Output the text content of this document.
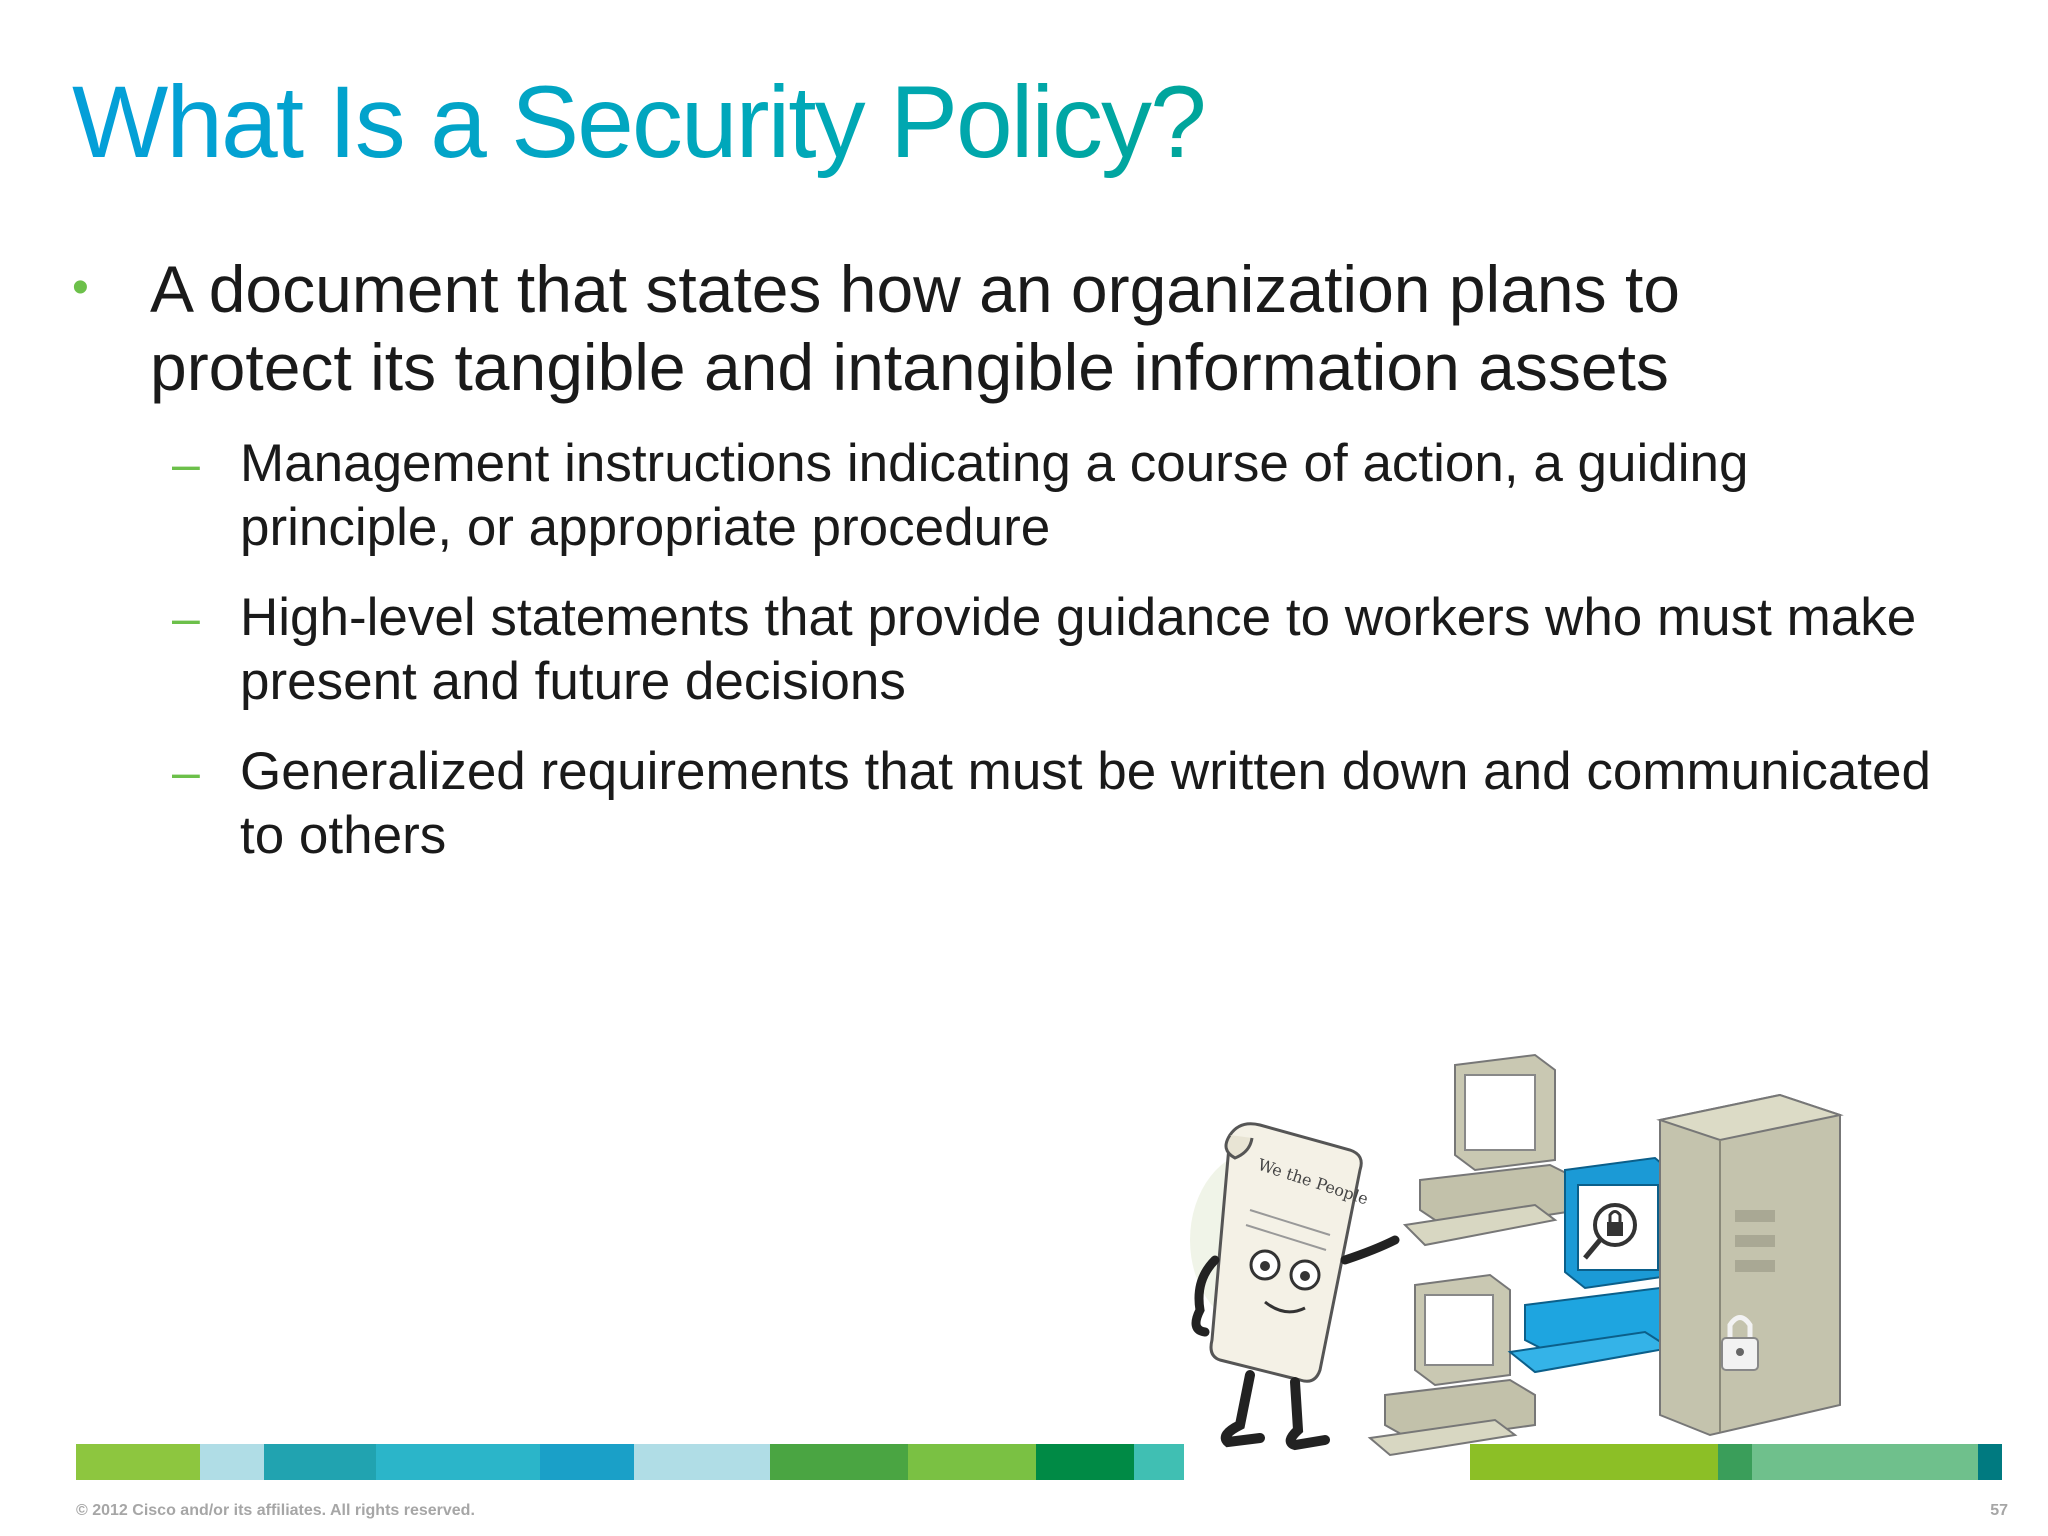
What Is a Security Policy?
• A document that states how an organization plans to protect its tangible and intangible information assets
– Management instructions indicating a course of action, a guiding principle, or appropriate procedure
– High-level statements that provide guidance to workers who must make present and future decisions
– Generalized requirements that must be written down and communicated to others
We the People
© 2012 Cisco and/or its affiliates. All rights reserved.	57
